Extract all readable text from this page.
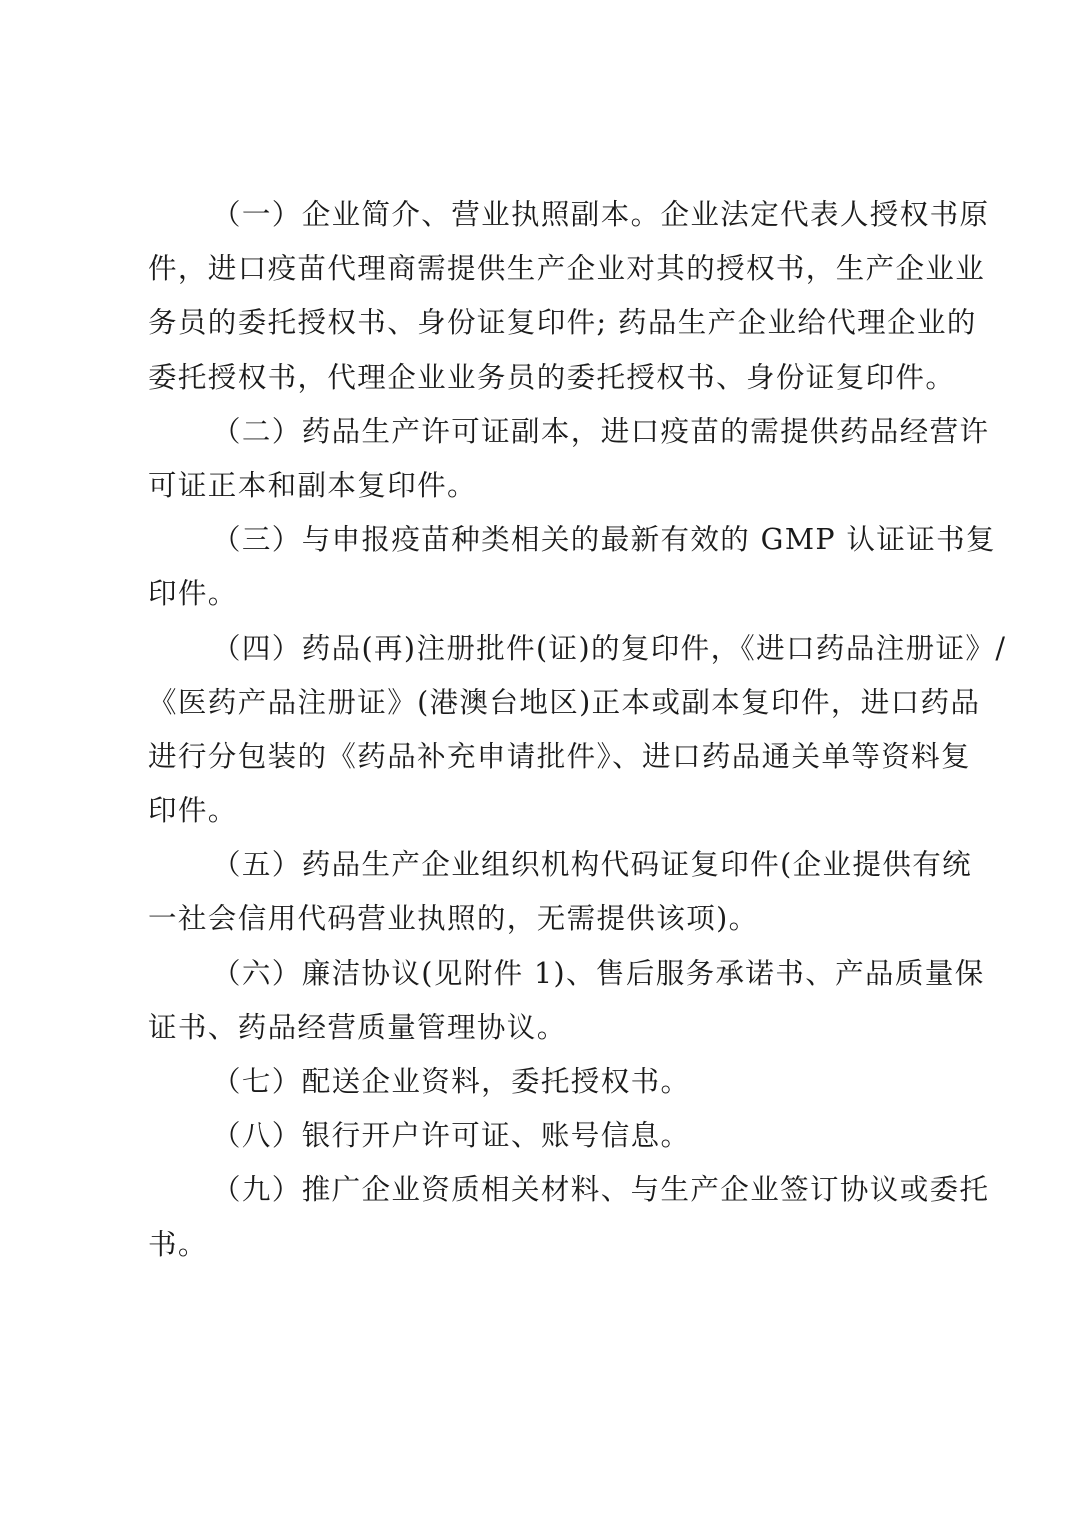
（一）企业简介、营业执照副本。企业法定代表人授权书原
件，进口疫苗代理商需提供生产企业对其的授权书，生产企业业
务员的委托授权书、身份证复印件; 药品生产企业给代理企业的
委托授权书，代理企业业务员的委托授权书、身份证复印件。
（二）药品生产许可证副本，进口疫苗的需提供药品经营许
可证正本和副本复印件。
（三）与申报疫苗种类相关的最新有效的 GMP 认证证书复
印件。
（四）药品(再)注册批件(证)的复印件，《进口药品注册证》/
《医药产品注册证》(港澳台地区)正本或副本复印件，进口药品
进行分包装的《药品补充申请批件》、进口药品通关单等资料复
印件。
（五）药品生产企业组织机构代码证复印件(企业提供有统
一社会信用代码营业执照的，无需提供该项)。
（六）廉洁协议(见附件 1)、售后服务承诺书、产品质量保
证书、药品经营质量管理协议。
（七）配送企业资料，委托授权书。
（八）银行开户许可证、账号信息。
（九）推广企业资质相关材料、与生产企业签订协议或委托
书。
